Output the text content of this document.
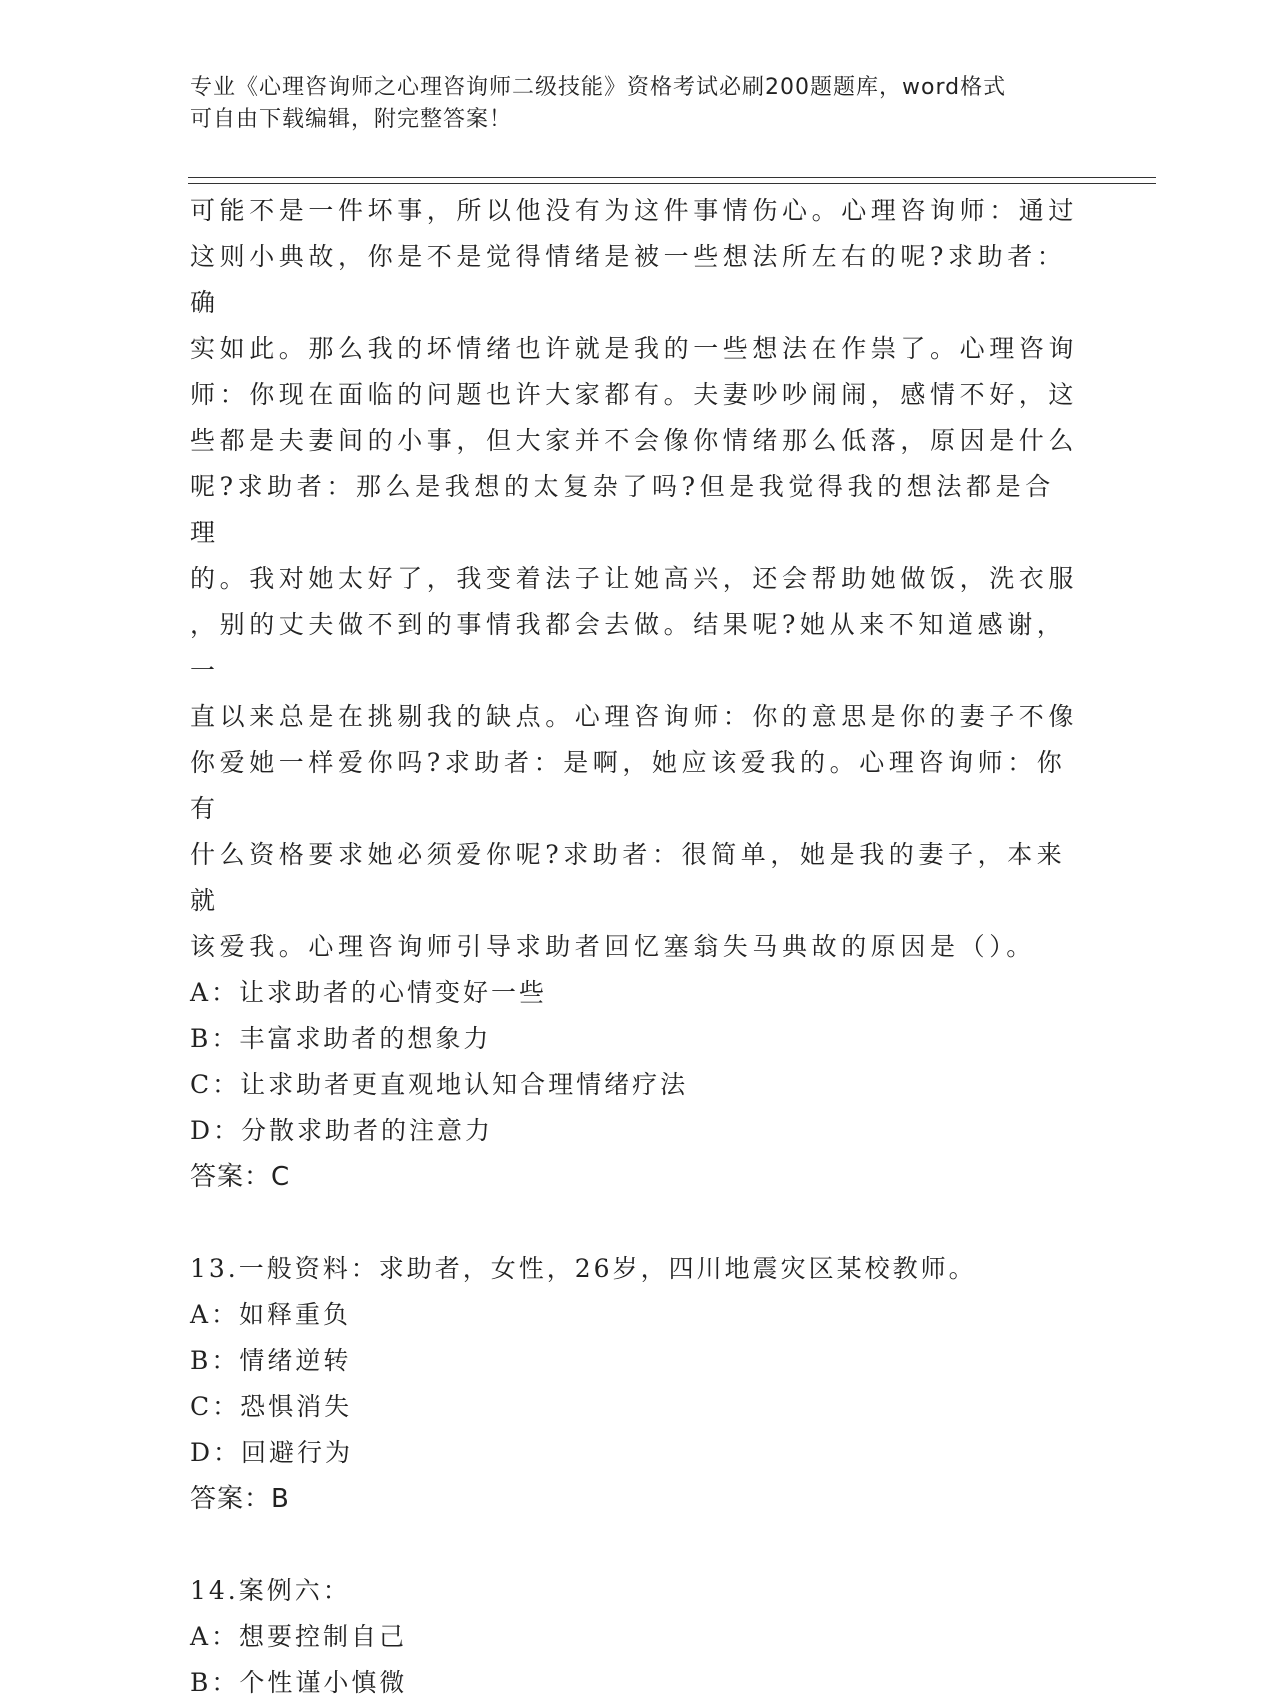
专业《心理咨询师之心理咨询师二级技能》资格考试必刷200题题库，word格式
可自由下载编辑，附完整答案！

可能不是一件坏事，所以他没有为这件事情伤心。心理咨询师：通过

这则小典故，你是不是觉得情绪是被一些想法所左右的呢?求助者：确

实如此。那么我的坏情绪也许就是我的一些想法在作祟了。心理咨询

师：你现在面临的问题也许大家都有。夫妻吵吵闹闹，感情不好，这

些都是夫妻间的小事，但大家并不会像你情绪那么低落，原因是什么

呢?求助者：那么是我想的太复杂了吗?但是我觉得我的想法都是合理

的。我对她太好了，我变着法子让她高兴，还会帮助她做饭，洗衣服

，别的丈夫做不到的事情我都会去做。结果呢?她从来不知道感谢，一

直以来总是在挑剔我的缺点。心理咨询师：你的意思是你的妻子不像

你爱她一样爱你吗?求助者：是啊，她应该爱我的。心理咨询师：你有

什么资格要求她必须爱你呢?求助者：很简单，她是我的妻子，本来就

该爱我。心理咨询师引导求助者回忆塞翁失马典故的原因是（）。

A：让求助者的心情变好一些

B：丰富求助者的想象力

C：让求助者更直观地认知合理情绪疗法

D：分散求助者的注意力

答案：C

13.一般资料：求助者，女性，26岁，四川地震灾区某校教师。

A：如释重负

B：情绪逆转

C：恐惧消失

D：回避行为

答案：B

14.案例六：

A：想要控制自己

B：个性谨小慎微
